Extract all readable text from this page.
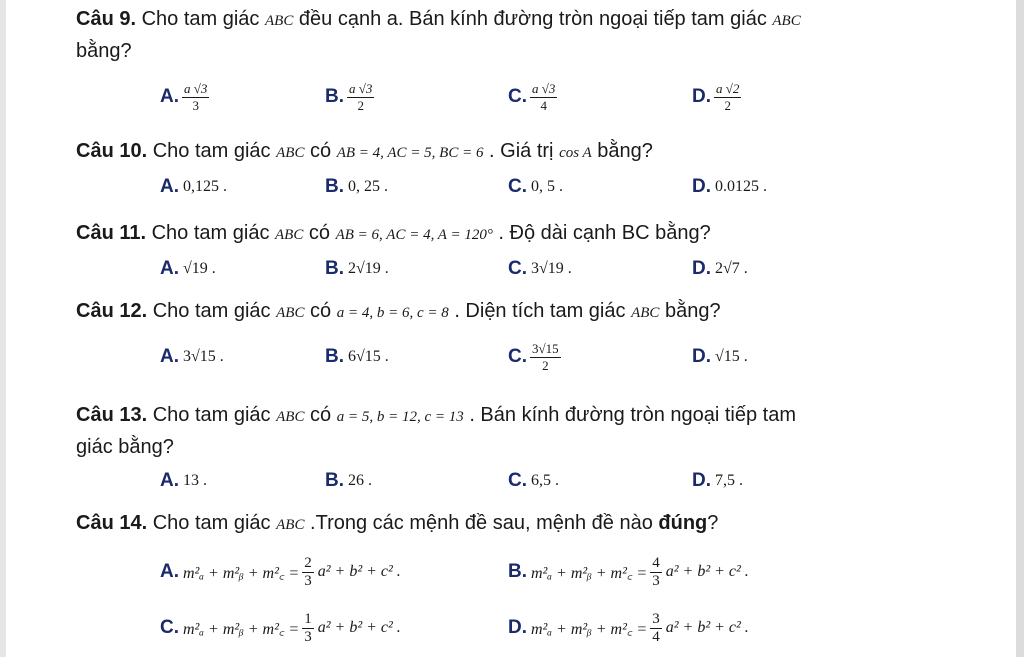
Câu 9. Cho tam giác ABC đều cạnh a. Bán kính đường tròn ngoại tiếp tam giác ABC
bằng?
A. $\frac{a √3}{3}$	B. $\frac{a √3}{2}$	C. $\frac{a √3}{4}$	D. $\frac{a √2}{2}$
Câu 10. Cho tam giác ABC có AB = 4, AC = 5, BC = 6 . Giá trị cos A bằng?
A. 0,125 .	B. 0, 25 .	C. 0, 5 .	D. 0.0125 .
Câu 11. Cho tam giác ABC có AB = 6, AC = 4, A = 120° . Độ dài cạnh BC bằng?
A. √19 .	B. 2√19 .	C. 3√19 .	D. 2√7 .
Câu 12. Cho tam giác ABC có a = 4, b = 6, c = 8 . Diện tích tam giác ABC bằng?
A. 3√15 .	B. 6√15 .	C. $\frac{3√15}{2}$	D. √15 .
Câu 13. Cho tam giác ABC có a = 5, b = 12, c = 13 . Bán kính đường tròn ngoại tiếp tam
giác bằng?
A. 13 .	B. 26 .	C. 6,5 .	D. 7,5 .
Câu 14. Cho tam giác ABC .Trong các mệnh đề sau, mệnh đề nào đúng?
A. m²ₐ + m²ᵦ + m²꜀ = $\frac{2}{3} a^2 + b^2 + c^2$ .	B. m²ₐ + m²ᵦ + m²꜀ = $\frac{4}{3} a^2 + b^2 + c^2$ .
C. m²ₐ + m²ᵦ + m²꜀ = $\frac{1}{3} a^2 + b^2 + c^2$ .	D. m²ₐ + m²ᵦ + m²꜀ = $\frac{3}{4} a^2 + b^2 + c^2$ .
